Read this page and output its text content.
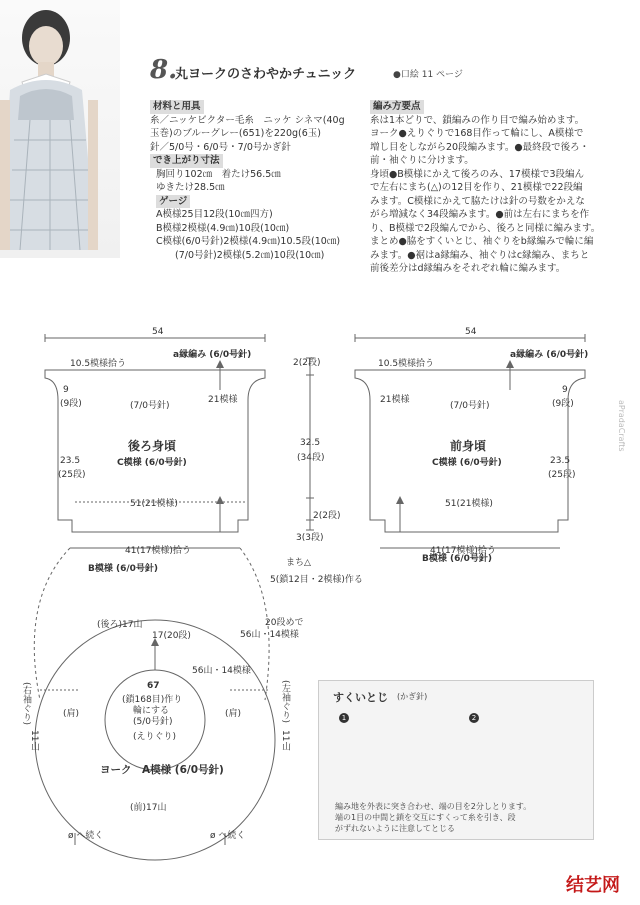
8.
丸ヨークのさわやかチュニック	●口絵 11 ページ
材料と用具
糸／ニッケビクター毛糸　ニッケ シネマ(40g
玉巻)のブルーグレー(651)を220g(6玉)
針／5/0号・6/0号・7/0号かぎ針
でき上がり寸法
胸回り102㎝　着たけ56.5㎝
ゆきたけ28.5㎝
ゲージ
A模様25目12段(10㎝四方)
B模様2模様(4.9㎝)10段(10㎝)
C模様(6/0号針)2模様(4.9㎝)10.5段(10㎝)
　　(7/0号針)2模様(5.2㎝)10段(10㎝)
編み方要点
糸は1本どりで、鎖編みの作り目で編み始めます。
ヨーク●えりぐりで168目作って輪にし、A模様で
増し目をしながら20段編みます。●最終段で後ろ・
前・袖ぐりに分けます。
身頃●B模様にかえて後ろのみ、17模様で3段編ん
で左右にまち(△)の12目を作り、21模様で22段編
みます。C模様にかえて脇たけは針の号数をかえな
がら増減なく34段編みます。●前は左右にまちを作
り、B模様で2段編んでから、後ろと同様に編みます。
まとめ●脇をすくいとじ、袖ぐりをb縁編みで輪に編
みます。●裾はa縁編み、袖ぐりはc縁編み、まちと
前後差分はd縁編みをそれぞれ輪に編みます。
54
10.5模様拾う
a縁編み (6/0号針)
9
(9段)	21模様
(7/0号針)
後ろ身頃
C模様 (6/0号針)
23.5
(25段)
51(21模様)
41(17模様)拾う
B模様 (6/0号針)
2(2段)
32.5
(34段)
2(2段)
3(3段)
まち△
5(鎖12目・2模様)作る
54
10.5模様拾う
a縁編み (6/0号針)
9
(9段)
21模様
(7/0号針)
前身頃
C模様 (6/0号針)	23.5
(25段)
51(21模様)
41(17模様)拾う
B模様 (6/0号針)
(後ろ)17山
17(20段)
20段めで
56山・14模様
56山・14模様
67
(鎖168目)作り
輪にする
(5/0号針)
(えりぐり)
(肩)	(肩)
(右袖ぐり)	(左袖ぐり)
11山	11山
ヨーク　A模様 (6/0号針)
(前)17山
ø へ続く	ø へ続く
すくいとじ (かぎ針)
1	2
編み地を外表に突き合わせ、端の目を2分しとります。
端の1目の中間と鎖を交互にすくって糸を引き、段
がずれないように注意してとじる
aPradaCrafts
结艺网
